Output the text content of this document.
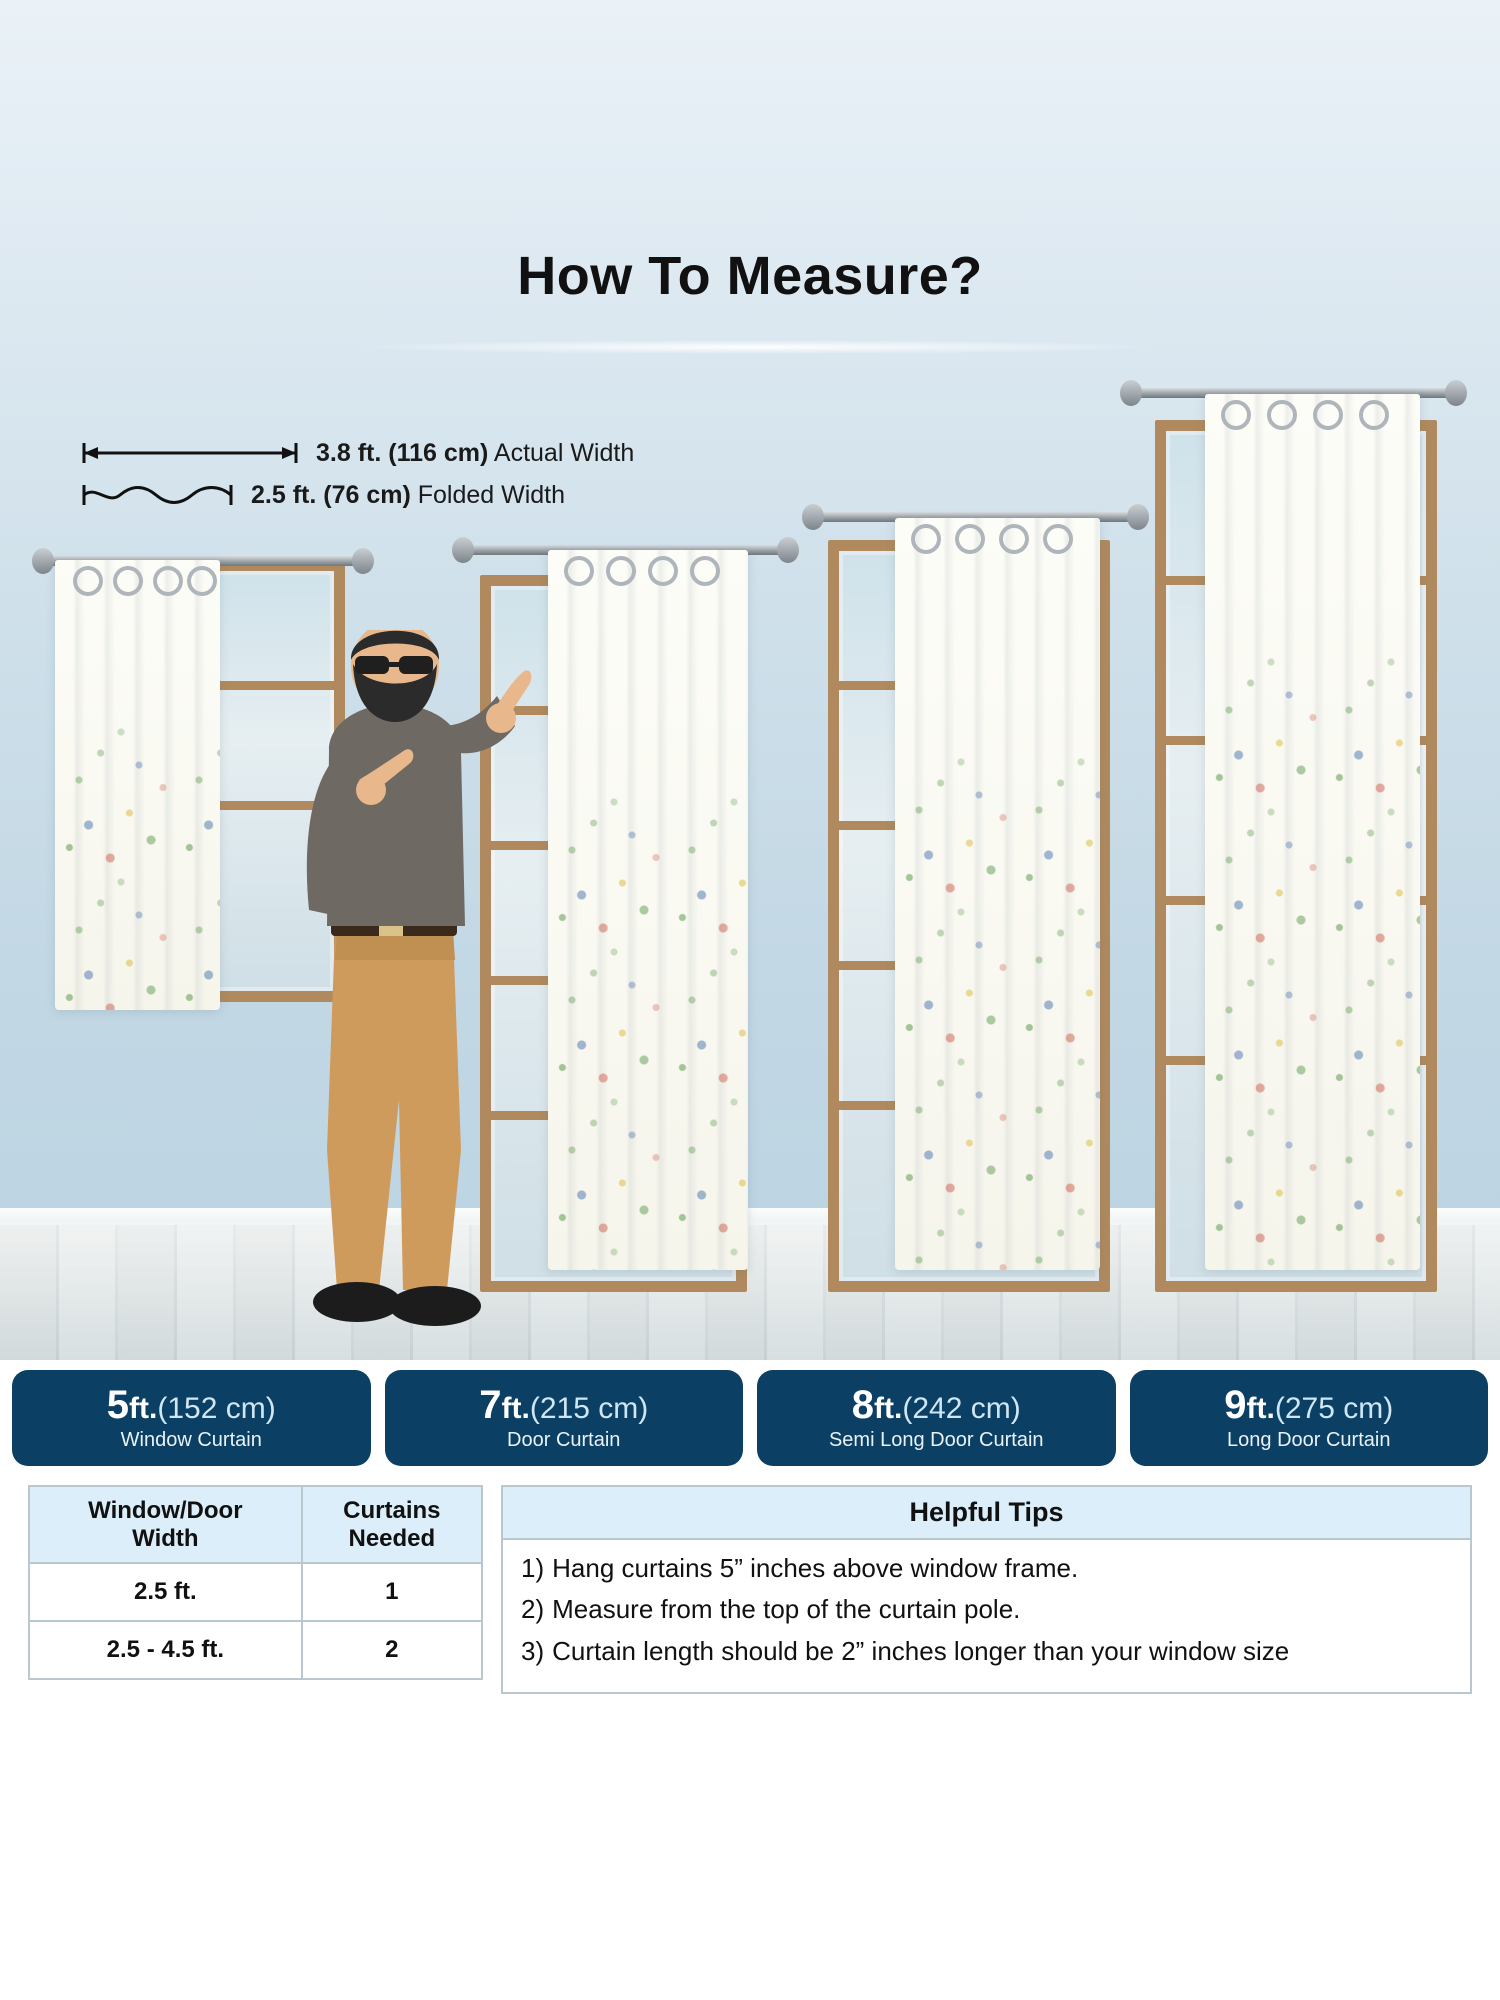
How To Measure?
3.8 ft. (116 cm) Actual Width
2.5 ft. (76 cm) Folded Width
5ft.(152 cm)
Window Curtain
7ft.(215 cm)
Door Curtain
8ft.(242 cm)
Semi Long Door Curtain
9ft.(275 cm)
Long Door Curtain
Window/Door
Width

Curtains
Needed

2.5 ft.	1
2.5 - 4.5 ft.	2
Helpful Tips
1) Hang curtains 5” inches above window frame.
2) Measure from the top of the curtain pole.
3) Curtain length should be 2” inches longer than your window size
